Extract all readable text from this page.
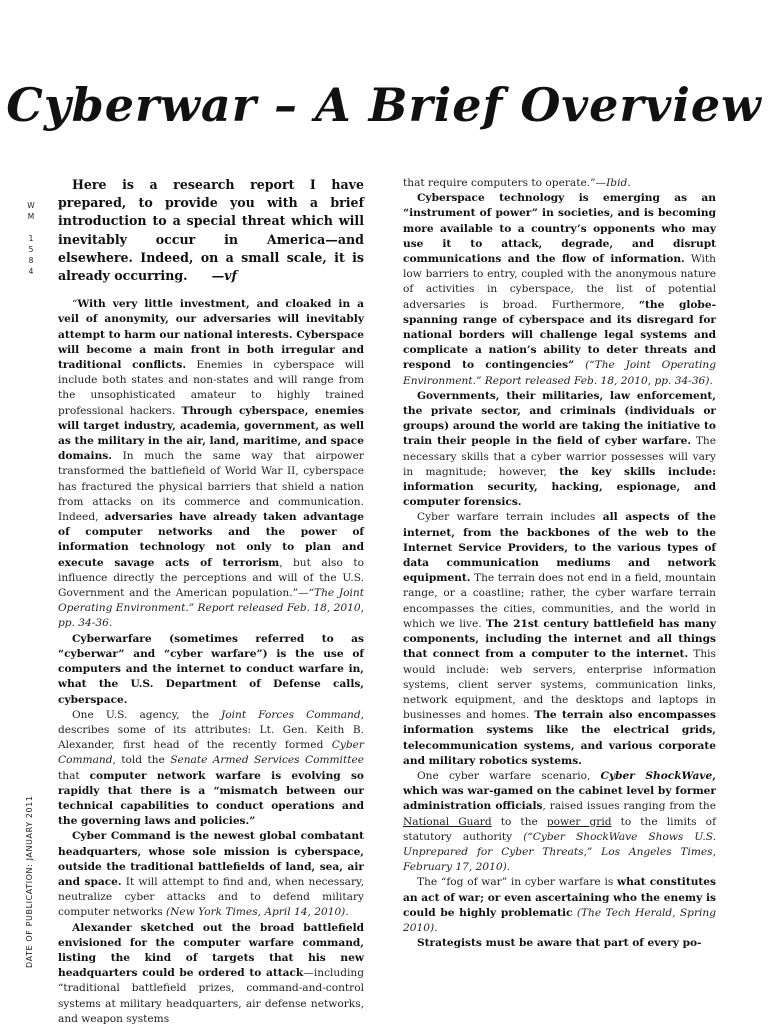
Cyberwar – A Brief Overview
W
M
1
5
8
4
DATE OF PUBLICATION: JANUARY 2011

Here is a research report I have prepared, to provide you with a brief introduction to a special threat which will inevitably occur in America—and elsewhere. Indeed, on a small scale, it is already occurring. —vf

“With very little investment, and cloaked in a veil of anonymity, our adversaries will inevitably attempt to harm our national interests. Cyberspace will become a main front in both irregular and traditional conflicts. Enemies in cyberspace will include both states and non-states and will range from the unsophisticated amateur to highly trained professional hackers. Through cyberspace, enemies will target industry, academia, government, as well as the military in the air, land, maritime, and space domains. In much the same way that airpower transformed the battlefield of World War II, cyberspace has fractured the physical barriers that shield a nation from attacks on its commerce and communication. Indeed, adversaries have already taken advantage of computer networks and the power of information technology not only to plan and execute savage acts of terrorism, but also to influence directly the perceptions and will of the U.S. Government and the American population.”—“The Joint Operating Environment.” Report released Feb. 18, 2010, pp. 34-36.

Cyberwarfare (sometimes referred to as “cyberwar” and “cyber warfare”) is the use of computers and the internet to conduct warfare in, what the U.S. Department of Defense calls, cyberspace.

One U.S. agency, the Joint Forces Command, describes some of its attributes: Lt. Gen. Keith B. Alexander, first head of the recently formed Cyber Command, told the Senate Armed Services Committee that computer network warfare is evolving so rapidly that there is a “mismatch between our technical capabilities to conduct operations and the governing laws and policies.”

Cyber Command is the newest global combatant headquarters, whose sole mission is cyberspace, outside the traditional battlefields of land, sea, air and space. It will attempt to find and, when necessary, neutralize cyber attacks and to defend military computer networks (New York Times, April 14, 2010).

Alexander sketched out the broad battlefield envisioned for the computer warfare command, listing the kind of targets that his new headquarters could be ordered to attack—including “traditional battlefield prizes, command-and-control systems at military headquarters, air defense networks, and weapon systems

that require computers to operate.”—Ibid.

Cyberspace technology is emerging as an “instrument of power” in societies, and is becoming more available to a country’s opponents who may use it to attack, degrade, and disrupt communications and the flow of information. With low barriers to entry, coupled with the anonymous nature of activities in cyberspace, the list of potential adversaries is broad. Furthermore, “the globe-spanning range of cyberspace and its disregard for national borders will challenge legal systems and complicate a nation’s ability to deter threats and respond to contingencies” (“The Joint Operating Environment.” Report released Feb. 18, 2010, pp. 34-36).

Governments, their militaries, law enforcement, the private sector, and criminals (individuals or groups) around the world are taking the initiative to train their people in the field of cyber warfare. The necessary skills that a cyber warrior possesses will vary in magnitude; however, the key skills include: information security, hacking, espionage, and computer forensics.

Cyber warfare terrain includes all aspects of the internet, from the backbones of the web to the Internet Service Providers, to the various types of data communication mediums and network equipment. The terrain does not end in a field, mountain range, or a coastline; rather, the cyber warfare terrain encompasses the cities, communities, and the world in which we live. The 21st century battlefield has many components, including the internet and all things that connect from a computer to the internet. This would include: web servers, enterprise information systems, client server systems, communication links, network equipment, and the desktops and laptops in businesses and homes. The terrain also encompasses information systems like the electrical grids, telecommunication systems, and various corporate and military robotics systems.

One cyber warfare scenario, Cyber ShockWave, which was war-gamed on the cabinet level by former administration officials, raised issues ranging from the National Guard to the power grid to the limits of statutory authority (“Cyber ShockWave Shows U.S. Unprepared for Cyber Threats,” Los Angeles Times, February 17, 2010).

The “fog of war” in cyber warfare is what constitutes an act of war; or even ascertaining who the enemy is could be highly problematic (The Tech Herald, Spring 2010).

Strategists must be aware that part of every po-
